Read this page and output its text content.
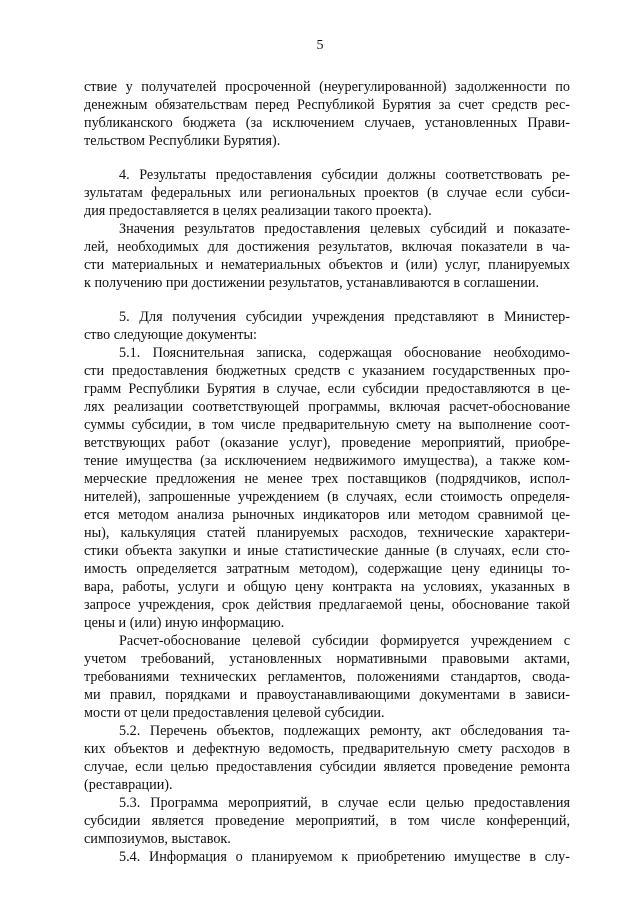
5
ствие у получателей просроченной (неурегулированной) задолженности по
денежным обязательствам перед Республикой Бурятия за счет средств рес-
публиканского бюджета (за исключением случаев, установленных Прави-
тельством Республики Бурятия).
4. Результаты предоставления субсидии должны соответствовать ре-
зультатам федеральных или региональных проектов (в случае если субси-
дия предоставляется в целях реализации такого проекта).
Значения результатов предоставления целевых субсидий и показате-
лей, необходимых для достижения результатов, включая показатели в ча-
сти материальных и нематериальных объектов и (или) услуг, планируемых
к получению при достижении результатов, устанавливаются в соглашении.
5. Для получения субсидии учреждения представляют в Министер-
ство следующие документы:
5.1. Пояснительная записка, содержащая обоснование необходимо-
сти предоставления бюджетных средств с указанием государственных про-
грамм Республики Бурятия в случае, если субсидии предоставляются в це-
лях реализации соответствующей программы, включая расчет-обоснование
суммы субсидии, в том числе предварительную смету на выполнение соот-
ветствующих работ (оказание услуг), проведение мероприятий, приобре-
тение имущества (за исключением недвижимого имущества), а также ком-
мерческие предложения не менее трех поставщиков (подрядчиков, испол-
нителей), запрошенные учреждением (в случаях, если стоимость определя-
ется методом анализа рыночных индикаторов или методом сравнимой це-
ны), калькуляция статей планируемых расходов, технические характери-
стики объекта закупки и иные статистические данные (в случаях, если сто-
имость определяется затратным методом), содержащие цену единицы то-
вара, работы, услуги и общую цену контракта на условиях, указанных в
запросе учреждения, срок действия предлагаемой цены, обоснование такой
цены и (или) иную информацию.
Расчет-обоснование целевой субсидии формируется учреждением с
учетом требований, установленных нормативными правовыми актами,
требованиями технических регламентов, положениями стандартов, сводa-
ми правил, порядками и правоустанавливающими документами в зависи-
мости от цели предоставления целевой субсидии.
5.2. Перечень объектов, подлежащих ремонту, акт обследования та-
ких объектов и дефектную ведомость, предварительную смету расходов в
случае, если целью предоставления субсидии является проведение ремонта
(реставрации).
5.3. Программа мероприятий, в случае если целью предоставления
субсидии является проведение мероприятий, в том числе конференций,
симпозиумов, выставок.
5.4. Информация о планируемом к приобретению имуществе в слу-
